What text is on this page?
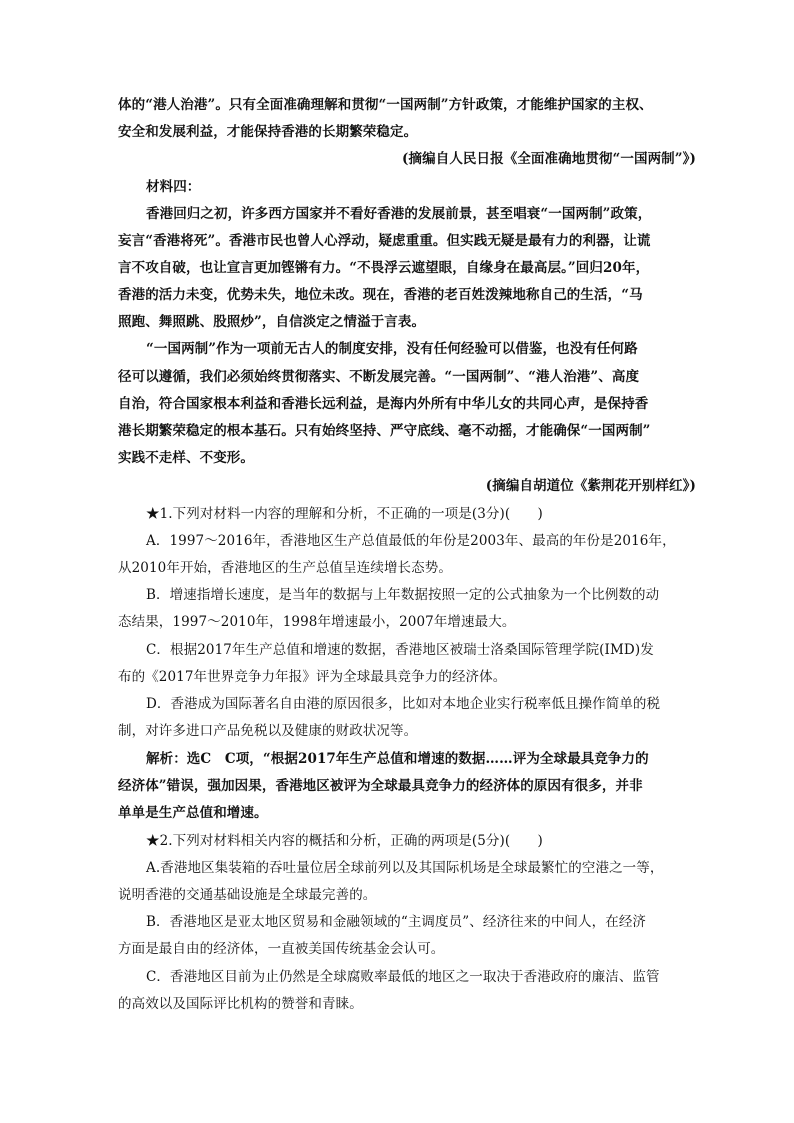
体的“港人治港”。只有全面准确理解和贯彻“一国两制”方针政策，才能维护国家的主权、
安全和发展利益，才能保持香港的长期繁荣稳定。
(摘编自人民日报《全面准确地贯彻“一国两制”》)
材料四：
香港回归之初，许多西方国家并不看好香港的发展前景，甚至唱衰“一国两制”政策，
妄言“香港将死”。香港市民也曾人心浮动，疑虑重重。但实践无疑是最有力的利器，让谎
言不攻自破，也让宣言更加铿锵有力。“不畏浮云遮望眼，自缘身在最高层。”回归20年，
香港的活力未变，优势未失，地位未改。现在，香港的老百姓泼辣地称自己的生活，“马
照跑、舞照跳、股照炒”，自信淡定之情溢于言表。
“一国两制”作为一项前无古人的制度安排，没有任何经验可以借鉴，也没有任何路
径可以遵循，我们必须始终贯彻落实、不断发展完善。“一国两制”、“港人治港”、高度
自治，符合国家根本利益和香港长远利益，是海内外所有中华儿女的共同心声，是保持香
港长期繁荣稳定的根本基石。只有始终坚持、严守底线、毫不动摇，才能确保“一国两制”
实践不走样、不变形。
(摘编自胡道位《紫荆花开别样红》)
★1.下列对材料一内容的理解和分析，不正确的一项是(3分)(　　)
A．1997～2016年，香港地区生产总值最低的年份是2003年、最高的年份是2016年，
从2010年开始，香港地区的生产总值呈连续增长态势。
B．增速指增长速度，是当年的数据与上年数据按照一定的公式抽象为一个比例数的动
态结果，1997～2010年，1998年增速最小，2007年增速最大。
C．根据2017年生产总值和增速的数据，香港地区被瑞士洛桑国际管理学院(IMD)发
布的《2017年世界竞争力年报》评为全球最具竞争力的经济体。
D．香港成为国际著名自由港的原因很多，比如对本地企业实行税率低且操作简单的税
制，对许多进口产品免税以及健康的财政状况等。
解析：选C　C项，“根据2017年生产总值和增速的数据……评为全球最具竞争力的
经济体”错误，强加因果，香港地区被评为全球最具竞争力的经济体的原因有很多，并非
单单是生产总值和增速。
★2.下列对材料相关内容的概括和分析，正确的两项是(5分)(　　)
A.香港地区集装箱的吞吐量位居全球前列以及其国际机场是全球最繁忙的空港之一等，
说明香港的交通基础设施是全球最完善的。
B．香港地区是亚太地区贸易和金融领域的“主调度员”、经济往来的中间人，在经济
方面是最自由的经济体，一直被美国传统基金会认可。
C．香港地区目前为止仍然是全球腐败率最低的地区之一取决于香港政府的廉洁、监管
的高效以及国际评比机构的赞誉和青睐。
